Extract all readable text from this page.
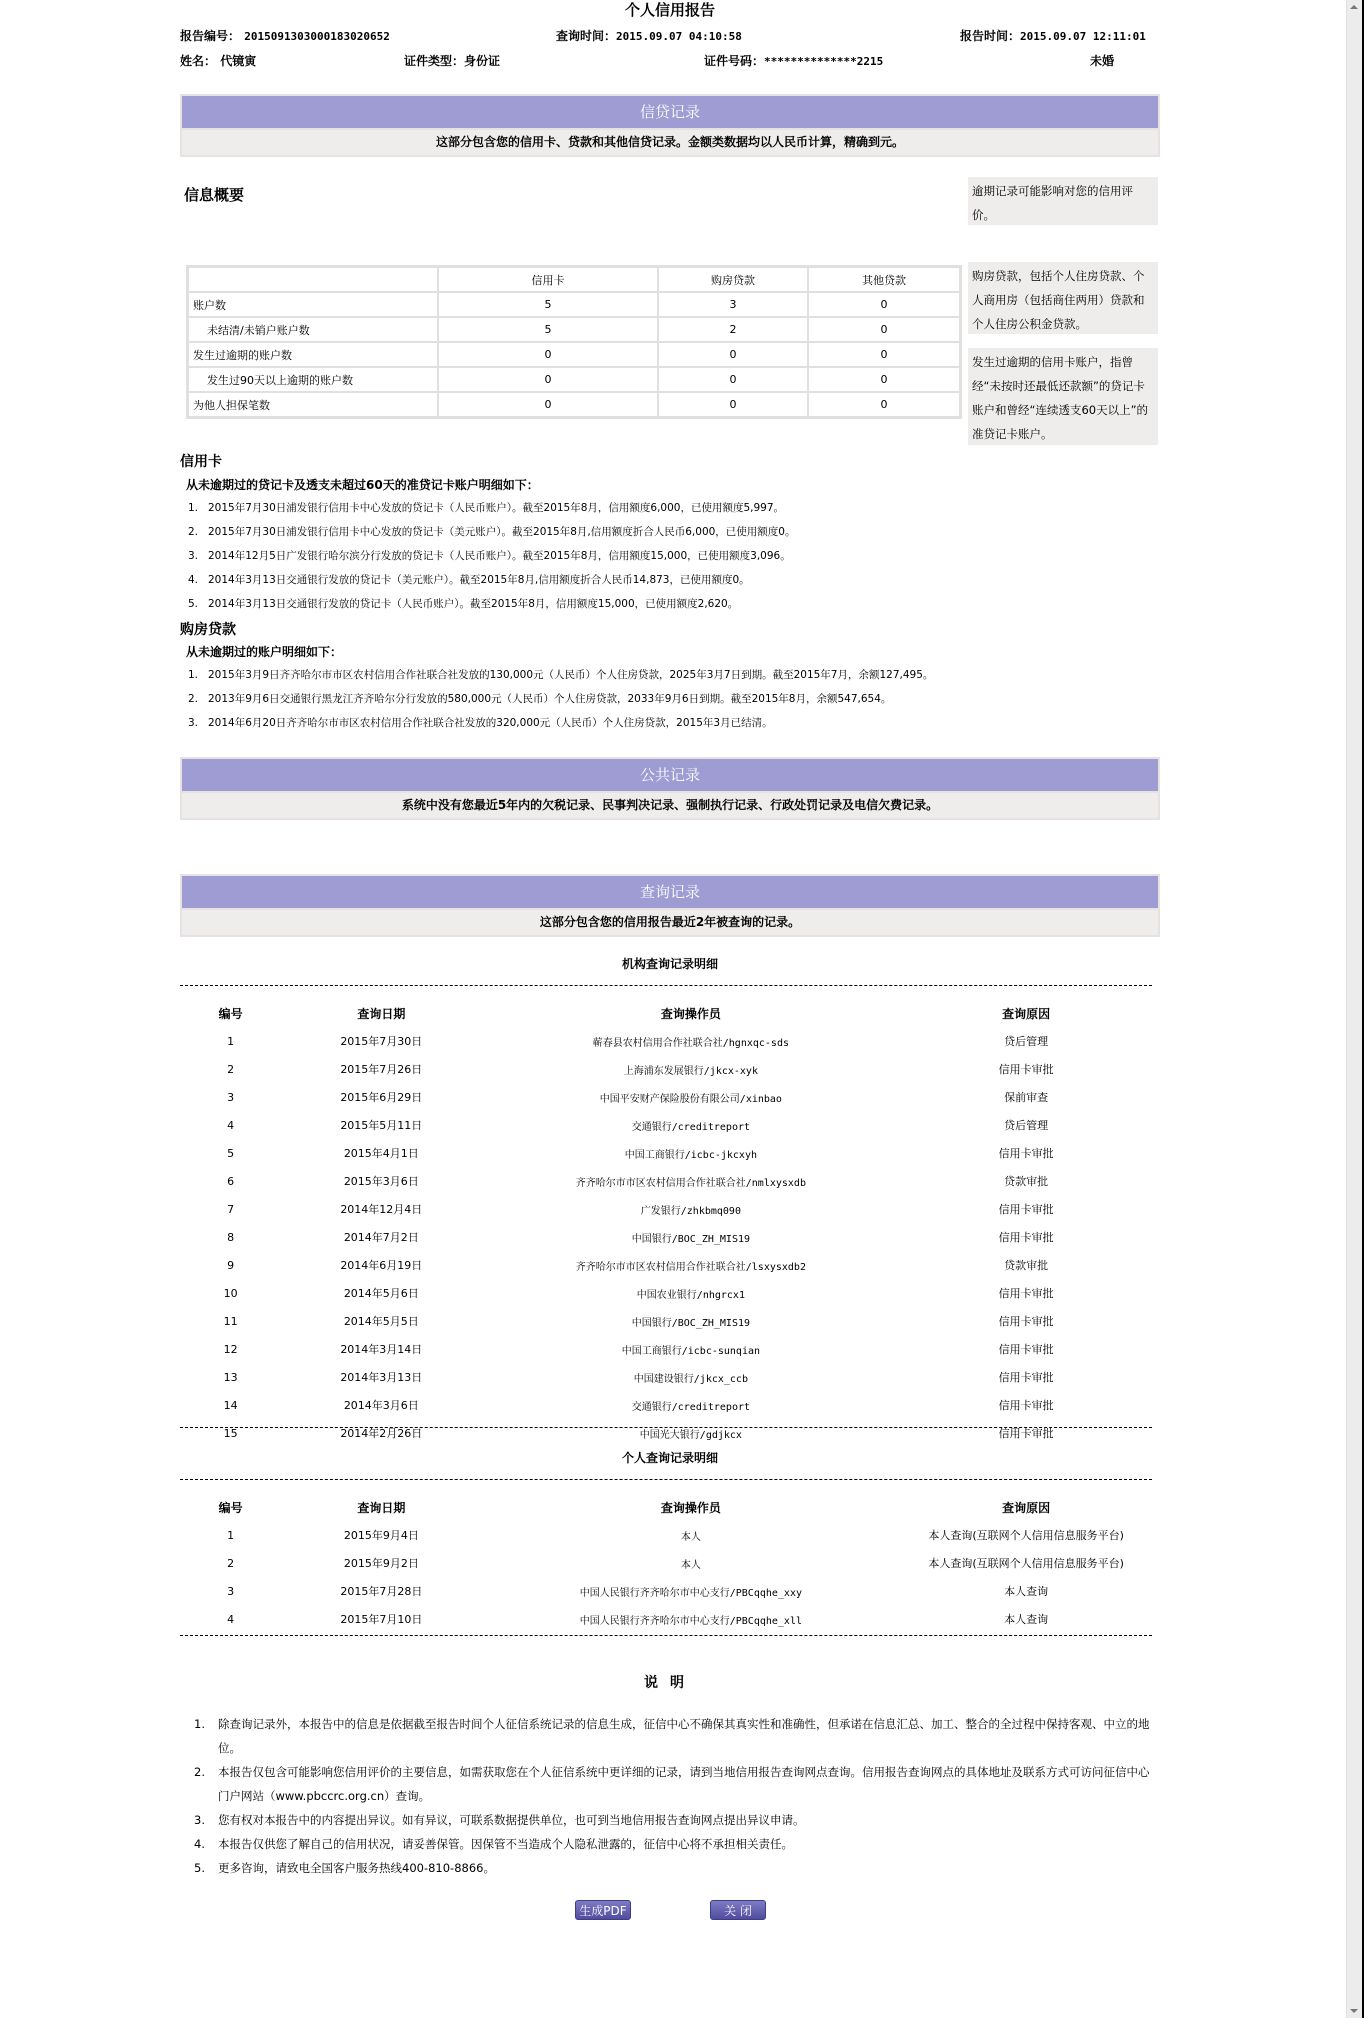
个人信用报告
报告编号： 2015091303000183020652	查询时间：2015.09.07 04:10:58	报告时间：2015.09.07 12:11:01
姓名： 代镜寅	证件类型：身份证	证件号码：**************2215	未婚
信贷记录
这部分包含您的信用卡、贷款和其他信贷记录。金额类数据均以人民币计算，精确到元。
信息概要
	信用卡	购房贷款	其他贷款
账户数	5	3	0
未结清/未销户账户数	5	2	0
发生过逾期的账户数	0	0	0
发生过90天以上逾期的账户数	0	0	0
为他人担保笔数	0	0	0
逾期记录可能影响对您的信用评价。
购房贷款，包括个人住房贷款、个人商用房（包括商住两用）贷款和个人住房公积金贷款。
发生过逾期的信用卡账户，指曾经“未按时还最低还款额”的贷记卡账户和曾经“连续透支60天以上”的准贷记卡账户。
信用卡
从未逾期过的贷记卡及透支未超过60天的准贷记卡账户明细如下：
1. 2015年7月30日浦发银行信用卡中心发放的贷记卡（人民币账户）。截至2015年8月，信用额度6,000，已使用额度5,997。
2. 2015年7月30日浦发银行信用卡中心发放的贷记卡（美元账户）。截至2015年8月,信用额度折合人民币6,000，已使用额度0。
3. 2014年12月5日广发银行哈尔滨分行发放的贷记卡（人民币账户）。截至2015年8月，信用额度15,000，已使用额度3,096。
4. 2014年3月13日交通银行发放的贷记卡（美元账户）。截至2015年8月,信用额度折合人民币14,873，已使用额度0。
5. 2014年3月13日交通银行发放的贷记卡（人民币账户）。截至2015年8月，信用额度15,000，已使用额度2,620。
购房贷款
从未逾期过的账户明细如下：
1. 2015年3月9日齐齐哈尔市市区农村信用合作社联合社发放的130,000元（人民币）个人住房贷款，2025年3月7日到期。截至2015年7月，余额127,495。
2. 2013年9月6日交通银行黑龙江齐齐哈尔分行发放的580,000元（人民币）个人住房贷款，2033年9月6日到期。截至2015年8月，余额547,654。
3. 2014年6月20日齐齐哈尔市市区农村信用合作社联合社发放的320,000元（人民币）个人住房贷款，2015年3月已结清。
公共记录
系统中没有您最近5年内的欠税记录、民事判决记录、强制执行记录、行政处罚记录及电信欠费记录。
查询记录
这部分包含您的信用报告最近2年被查询的记录。
机构查询记录明细
编号	查询日期	查询操作员	查询原因
1	2015年7月30日	蕲春县农村信用合作社联合社/hgnxqc-sds	贷后管理
2	2015年7月26日	上海浦东发展银行/jkcx-xyk	信用卡审批
3	2015年6月29日	中国平安财产保险股份有限公司/xinbao	保前审查
4	2015年5月11日	交通银行/creditreport	贷后管理
5	2015年4月1日	中国工商银行/icbc-jkcxyh	信用卡审批
6	2015年3月6日	齐齐哈尔市市区农村信用合作社联合社/nmlxysxdb	贷款审批
7	2014年12月4日	广发银行/zhkbmq090	信用卡审批
8	2014年7月2日	中国银行/BOC_ZH_MIS19	信用卡审批
9	2014年6月19日	齐齐哈尔市市区农村信用合作社联合社/lsxysxdb2	贷款审批
10	2014年5月6日	中国农业银行/nhgrcx1	信用卡审批
11	2014年5月5日	中国银行/BOC_ZH_MIS19	信用卡审批
12	2014年3月14日	中国工商银行/icbc-sunqian	信用卡审批
13	2014年3月13日	中国建设银行/jkcx_ccb	信用卡审批
14	2014年3月6日	交通银行/creditreport	信用卡审批
15	2014年2月26日	中国光大银行/gdjkcx	信用卡审批
个人查询记录明细
编号	查询日期	查询操作员	查询原因
1	2015年9月4日	本人	本人查询(互联网个人信用信息服务平台)
2	2015年9月2日	本人	本人查询(互联网个人信用信息服务平台)
3	2015年7月28日	中国人民银行齐齐哈尔市中心支行/PBCqqhe_xxy	本人查询
4	2015年7月10日	中国人民银行齐齐哈尔市中心支行/PBCqqhe_xll	本人查询
说明
1. 除查询记录外，本报告中的信息是依据截至报告时间个人征信系统记录的信息生成，征信中心不确保其真实性和准确性，但承诺在信息汇总、加工、整合的全过程中保持客观、中立的地位。
2. 本报告仅包含可能影响您信用评价的主要信息，如需获取您在个人征信系统中更详细的记录，请到当地信用报告查询网点查询。信用报告查询网点的具体地址及联系方式可访问征信中心门户网站（www.pbccrc.org.cn）查询。
3. 您有权对本报告中的内容提出异议。如有异议，可联系数据提供单位，也可到当地信用报告查询网点提出异议申请。
4. 本报告仅供您了解自己的信用状况，请妥善保管。因保管不当造成个人隐私泄露的，征信中心将不承担相关责任。
5. 更多咨询，请致电全国客户服务热线400-810-8866。
生成PDF	关 闭
